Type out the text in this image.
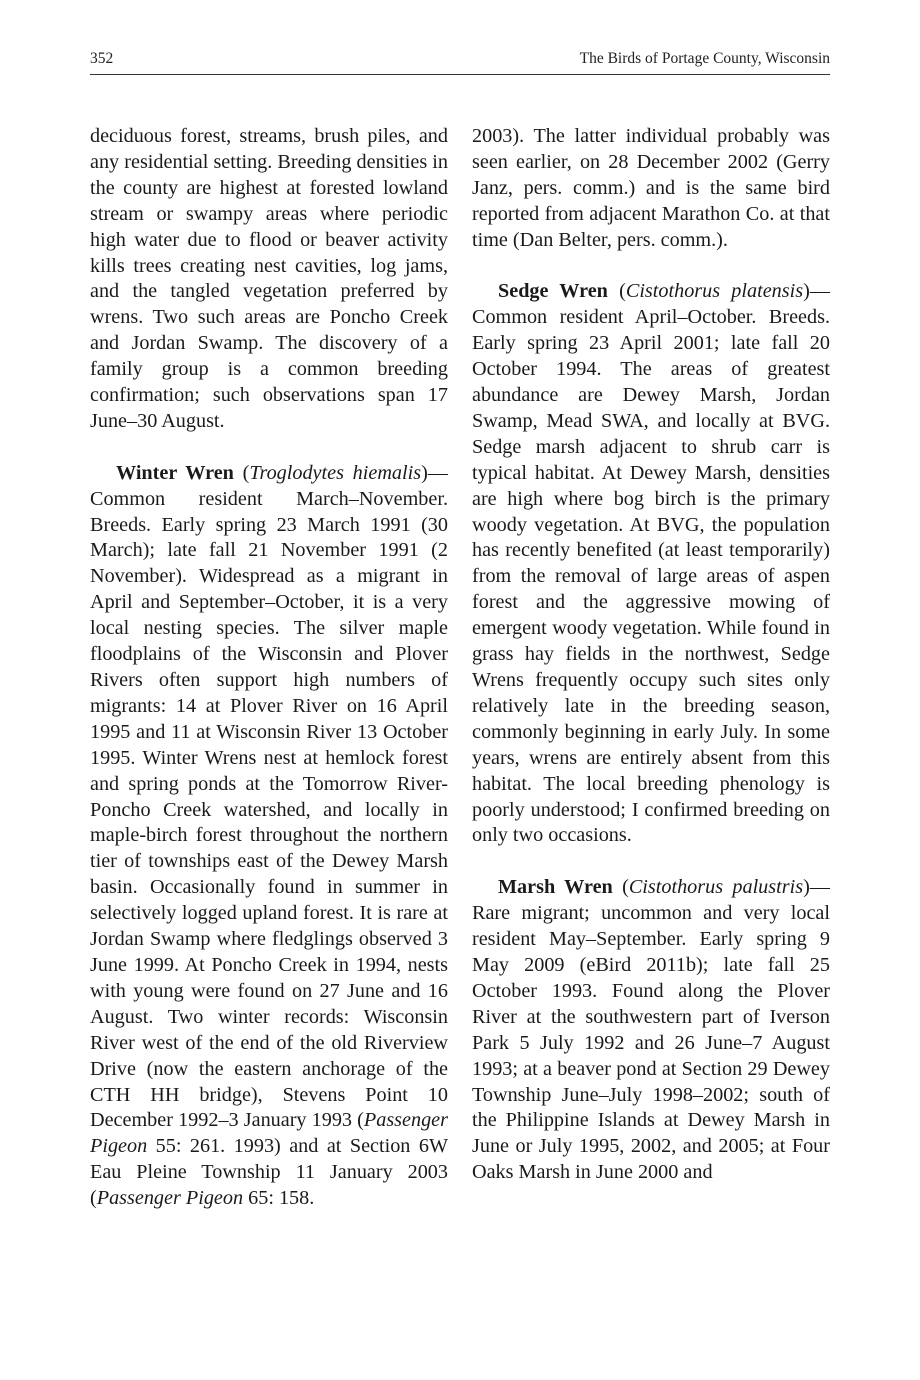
352	The Birds of Portage County, Wisconsin

deciduous forest, streams, brush piles, and any residential setting. Breeding densities in the county are highest at forested lowland stream or swampy areas where periodic high water due to flood or beaver activity kills trees creating nest cavities, log jams, and the tangled vegetation preferred by wrens. Two such areas are Poncho Creek and Jordan Swamp. The discovery of a family group is a common breeding confirmation; such observations span 17 June–30 August.

Winter Wren (Troglodytes hiemalis)—Common resident March–November. Breeds. Early spring 23 March 1991 (30 March); late fall 21 November 1991 (2 November). Widespread as a migrant in April and September–October, it is a very local nesting species. The silver maple floodplains of the Wisconsin and Plover Rivers often support high numbers of migrants: 14 at Plover River on 16 April 1995 and 11 at Wisconsin River 13 October 1995. Winter Wrens nest at hemlock forest and spring ponds at the Tomorrow River-Poncho Creek watershed, and locally in maple-birch forest throughout the northern tier of townships east of the Dewey Marsh basin. Occasionally found in summer in selectively logged upland forest. It is rare at Jordan Swamp where fledglings observed 3 June 1999. At Poncho Creek in 1994, nests with young were found on 27 June and 16 August. Two winter records: Wisconsin River west of the end of the old Riverview Drive (now the eastern anchorage of the CTH HH bridge), Stevens Point 10 December 1992–3 January 1993 (Passenger Pigeon 55: 261. 1993) and at Section 6W Eau Pleine Township 11 January 2003 (Passenger Pigeon 65: 158.

2003). The latter individual probably was seen earlier, on 28 December 2002 (Gerry Janz, pers. comm.) and is the same bird reported from adjacent Marathon Co. at that time (Dan Belter, pers. comm.).

Sedge Wren (Cistothorus platensis)—Common resident April–October. Breeds. Early spring 23 April 2001; late fall 20 October 1994. The areas of greatest abundance are Dewey Marsh, Jordan Swamp, Mead SWA, and locally at BVG. Sedge marsh adjacent to shrub carr is typical habitat. At Dewey Marsh, densities are high where bog birch is the primary woody vegetation. At BVG, the population has recently benefited (at least temporarily) from the removal of large areas of aspen forest and the aggressive mowing of emergent woody vegetation. While found in grass hay fields in the northwest, Sedge Wrens frequently occupy such sites only relatively late in the breeding season, commonly beginning in early July. In some years, wrens are entirely absent from this habitat. The local breeding phenology is poorly understood; I confirmed breeding on only two occasions.

Marsh Wren (Cistothorus palustris)—Rare migrant; uncommon and very local resident May–September. Early spring 9 May 2009 (eBird 2011b); late fall 25 October 1993. Found along the Plover River at the southwestern part of Iverson Park 5 July 1992 and 26 June–7 August 1993; at a beaver pond at Section 29 Dewey Township June–July 1998–2002; south of the Philippine Islands at Dewey Marsh in June or July 1995, 2002, and 2005; at Four Oaks Marsh in June 2000 and
